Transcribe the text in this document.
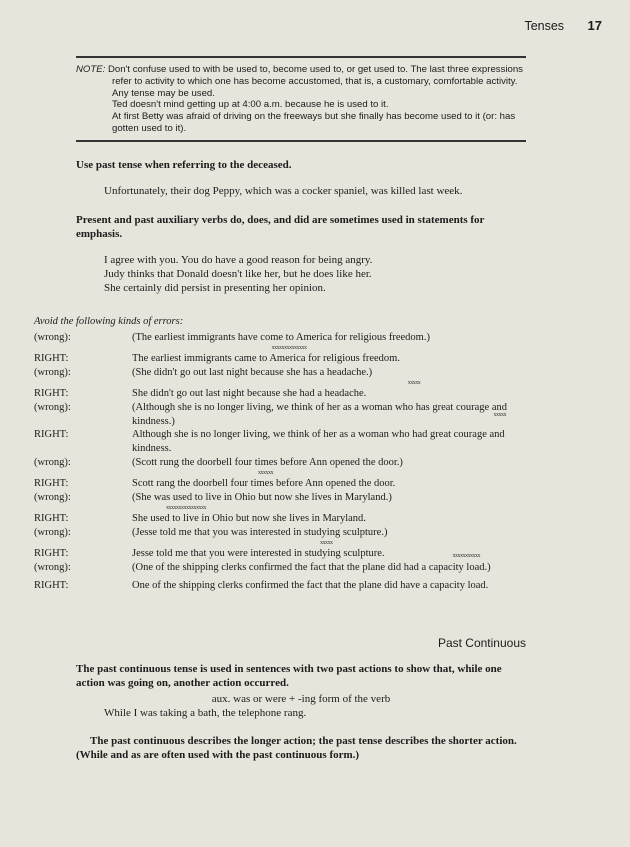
Tenses 17

NOTE: Don't confuse used to with be used to, become used to, or get used to. The last three expressions refer to activity to which one has become accustomed, that is, a customary, comfortable activity. Any tense may be used.

Ted doesn't mind getting up at 4:00 a.m. because he is used to it.

At first Betty was afraid of driving on the freeways but she finally has become used to it (or: has gotten used to it).

Use past tense when referring to the deceased.
Unfortunately, their dog Peppy, which was a cocker spaniel, was killed last week.
Present and past auxiliary verbs do, does, and did are sometimes used in statements for emphasis.
I agree with you. You do have a good reason for being angry.
Judy thinks that Donald doesn't like her, but he does like her.
She certainly did persist in presenting her opinion.
Avoid the following kinds of errors:
(wrong):	(The earliest immigrants have come to America for religious freedom.)
xxxxxxxxxxxxxx
RIGHT:	The earliest immigrants came to America for religious freedom.
(wrong):	(She didn't go out last night because she has a headache.)
xxxxx
RIGHT:	She didn't go out last night because she had a headache.
(wrong):	(Although she is no longer living, we think of her as a woman who has great courage and kindness.)
xxxxx
RIGHT:	Although she is no longer living, we think of her as a woman who had great courage and kindness.
(wrong):	(Scott rung the doorbell four times before Ann opened the door.)
xxxxxx
RIGHT:	Scott rang the doorbell four times before Ann opened the door.
(wrong):	(She was used to live in Ohio but now she lives in Maryland.)
xxxxxxxxxxxxxxxx
RIGHT:	She used to live in Ohio but now she lives in Maryland.
(wrong):	(Jesse told me that you was interested in studying sculpture.)
xxxxx
RIGHT:	Jesse told me that you were interested in studying sculpture.
(wrong):	(One of the shipping clerks confirmed the fact that the plane did had a capacity load.)
xxxxxxxxxxx
RIGHT:	One of the shipping clerks confirmed the fact that the plane did have a capacity load.
Past Continuous
The past continuous tense is used in sentences with two past actions to show that, while one action was going on, another action occurred.
aux. was or were + -ing form of the verb
While I was taking a bath, the telephone rang.
The past continuous describes the longer action; the past tense describes the shorter action. (While and as are often used with the past continuous form.)
